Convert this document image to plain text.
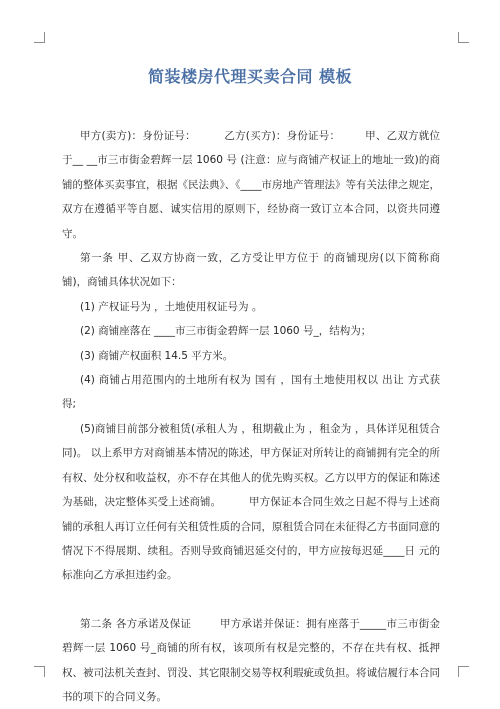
简装楼房代理买卖合同 模板

甲方(卖方)：身份证号：        乙方(买方)：身份证号：       甲、乙双方就位于__ __市三市街金碧辉一层 1060 号 (注意：应与商铺产权证上的地址一致)的商铺的整体买卖事宜，根据《民法典》、《____市房地产管理法》等有关法律之规定，双方在遵循平等自愿、诚实信用的原则下，经协商一致订立本合同，以资共同遵守。

第一条 甲、乙双方协商一致，乙方受让甲方位于 的商铺现房(以下简称商铺)，商铺具体状况如下：

(1) 产权证号为 ，土地使用权证号为 。

(2) 商铺座落在 ____市三市街金碧辉一层 1060 号_，结构为；

(3) 商铺产权面积 14.5 平方米。

(4) 商铺占用范围内的土地所有权为 国有 ，国有土地使用权以 出让 方式获得;

(5)商铺目前部分被租赁(承租人为 ，租期截止为 ，租金为 ，具体详见租赁合同)。 以上系甲方对商铺基本情况的陈述，甲方保证对所转让的商铺拥有完全的所有权、处分权和收益权，亦不存在其他人的优先购买权。乙方以甲方的保证和陈述为基础，决定整体买受上述商铺。        甲方保证本合同生效之日起不得与上述商铺的承租人再订立任何有关租赁性质的合同，原租赁合同在未征得乙方书面同意的情况下不得展期、续租。否则导致商铺迟延交付的，甲方应按每迟延____日 元的标准向乙方承担违约金。

第二条 各方承诺及保证        甲方承诺并保证：拥有座落于_____市三市街金碧辉一层 1060 号_商铺的所有权，该项所有权是完整的，不存在共有权、抵押权、被司法机关查封、罚没、其它限制交易等权利瑕疵或负担。将诚信履行本合同书的项下的合同义务。
